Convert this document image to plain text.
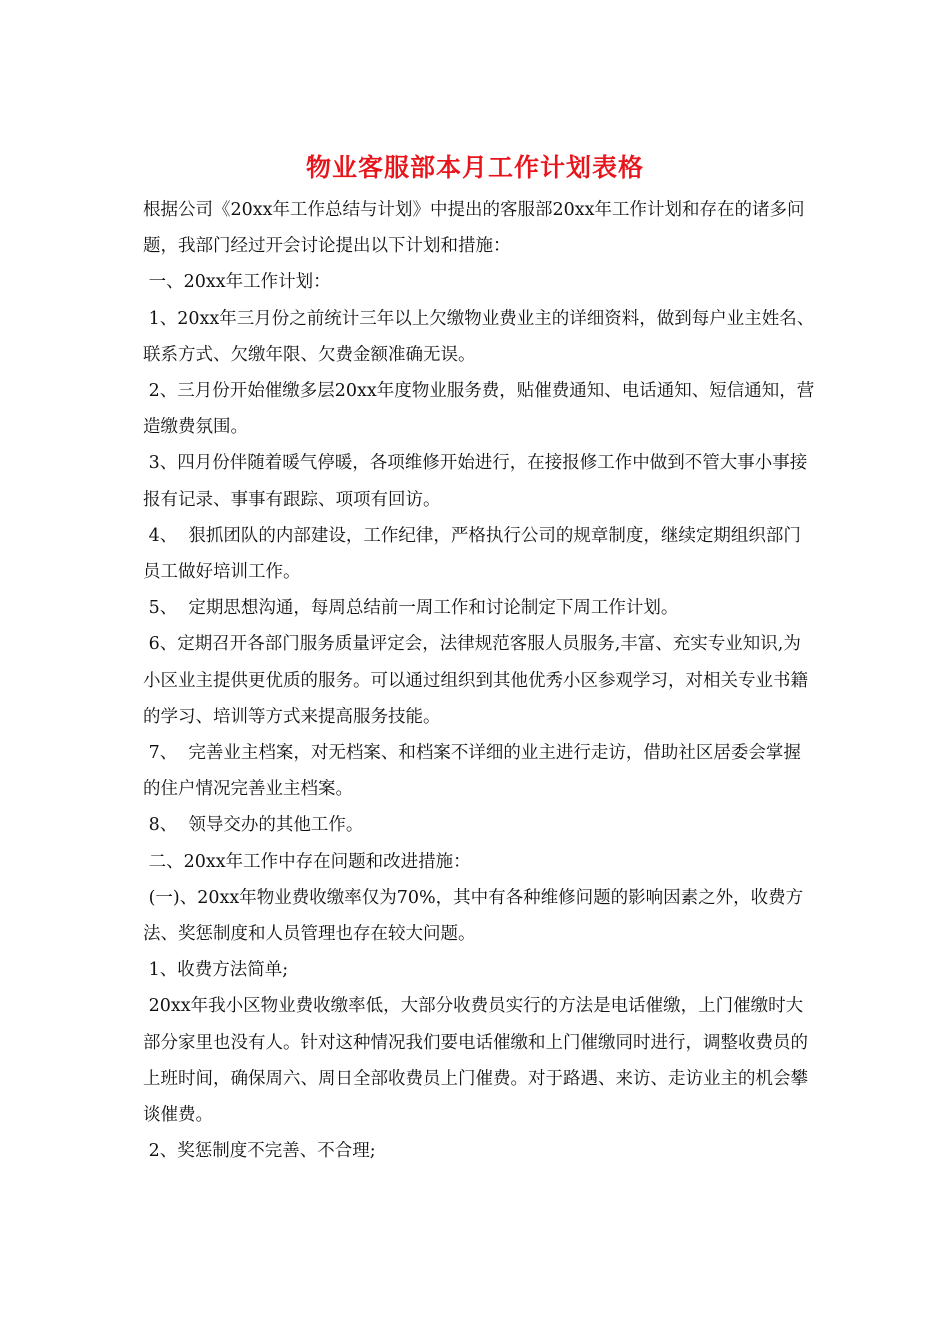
物业客服部本月工作计划表格

根据公司《20xx年工作总结与计划》中提出的客服部20xx年工作计划和存在的诸多问题，我部门经过开会讨论提出以下计划和措施：

一、20xx年工作计划：

1、20xx年三月份之前统计三年以上欠缴物业费业主的详细资料，做到每户业主姓名、联系方式、欠缴年限、欠费金额准确无误。

2、三月份开始催缴多层20xx年度物业服务费，贴催费通知、电话通知、短信通知，营造缴费氛围。

3、四月份伴随着暖气停暖，各项维修开始进行，在接报修工作中做到不管大事小事接报有记录、事事有跟踪、项项有回访。

4、  狠抓团队的内部建设，工作纪律，严格执行公司的规章制度，继续定期组织部门员工做好培训工作。

5、  定期思想沟通，每周总结前一周工作和讨论制定下周工作计划。

6、定期召开各部门服务质量评定会，法律规范客服人员服务,丰富、充实专业知识,为小区业主提供更优质的服务。可以通过组织到其他优秀小区参观学习，对相关专业书籍的学习、培训等方式来提高服务技能。

7、  完善业主档案，对无档案、和档案不详细的业主进行走访，借助社区居委会掌握的住户情况完善业主档案。

8、  领导交办的其他工作。

二、20xx年工作中存在问题和改进措施：

(一)、20xx年物业费收缴率仅为70%，其中有各种维修问题的影响因素之外，收费方法、奖惩制度和人员管理也存在较大问题。

1、收费方法简单;

20xx年我小区物业费收缴率低，大部分收费员实行的方法是电话催缴，上门催缴时大部分家里也没有人。针对这种情况我们要电话催缴和上门催缴同时进行，调整收费员的上班时间，确保周六、周日全部收费员上门催费。对于路遇、来访、走访业主的机会攀谈催费。

2、奖惩制度不完善、不合理;
